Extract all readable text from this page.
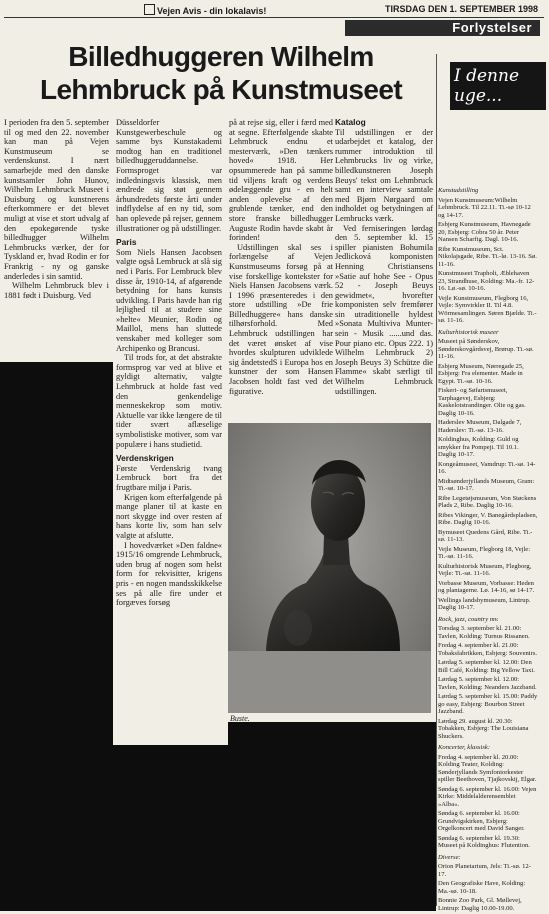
Vejen Avis - din lokalavis!	TIRSDAG DEN 1. SEPTEMBER 1998
Forlystelser
Billedhuggeren Wilhelm Lehmbruck på Kunstmuseet

I perioden fra den 5. september til og med den 22. november kan man på Vejen Kunstmuseum se verdenskunst. I nært samarbejde med den danske kunstsamler John Hunov, Wilhelm Lehmbruck Museet i Duisburg og kunstnerens efterkommere er det blevet muligt at vise et stort udvalg af den epokegørende tyske billedhugger Wilhelm Lehmbrucks værker, der for Tyskland er, hvad Rodin er for Frankrig - ny og ganske anderledes i sin samtid.

Wilhelm Lehmbruck blev i 1881 født i Duisburg. Ved

Düsseldorfer Kunstgewerbeschule og samme bys Kunstakademi modtog han en traditionel billedhuggeruddannelse. Formsproget var indledningsvis klassisk, men ændrede sig støt gennem århundredets første årti under indflydelse af en ny tid, som han oplevede på rejser, gennem illustrationer og på udstillinger.

Paris

Som Niels Hansen Jacobsen valgte også Lembruck at slå sig ned i Paris. For Lembruck blev disse år, 1910-14, af afgørende betydning for hans kunsts udvikling. I Paris havde han rig lejlighed til at studere sine »helte« Meunier, Rodin og Maillol, mens han sluttede venskaber med kolleger som Archipenko og Brancusi.

Til trods for, at det abstrakte formsprog var ved at blive et gyldigt alternativ, valgte Lehmbruck at holde fast ved den genkendelige menneskekrop som motiv. Aktuelle var ikke længere de til tider svært aflæselige symbolistiske motiver, som var populære i hans studietid.

Verdenskrigen

Første Verdenskrig tvang Lembruck bort fra det frugtbare miljø i Paris.

Krigen kom efterfølgende på mange planer til at kaste en nort skygge ind over resten af hans korte liv, som han selv valgte at afslutte.

I hovedværket »Den faldne« 1915/16 omgrende Lehmbruck, uden brug af nogen som helst form for rekvisitter, krigens pris - en nogen mandsskikkelse ses på alle fire under et forgæves forsøg

på at rejse sig, eller i færd med at segne. Efterfølgende skabte Lehmbruck endnu et mesterværk, »Den tænkers hoved« 1918. Her opsummerede han på samme tid viljens kraft og verdens ødelæggende gru - en helt anden oplevelse af den grublende tænker, end den store franske billedhugger Auguste Rodin havde skabt år forinden!

Udstillingen skal ses i forlængelse af Vejen Kunstmuseums forsøg på at vise forskellige kontekster for Niels Hansen Jacobsens værk. I 1996 præsenteredes i den store udstilling »De frie Billedhuggere« hans danske tilhørsforhold. Med Lehmbruck udstillingen har det været ønsket af vise hvordes skulpturen udviklede sig åndetstedS i Europa hos en kunstner der som Hansen Jacobsen holdt fast ved det figurative.

Katalog

Til udstillingen er der udarbejdet et katalog, der rummer introduktion til Lehmbrucks liv og virke, billedkunstneren Joseph Beuys' tekst om Lehmbruck samt en interview samtale med Bjørn Nørgaard om indholdet og betydningen af Lembrucks værk.

Ved ferniseringen lørdag den 5. september kl. 15 spiller pianisten Bohumila Jedlicková komponisten Henning Christiansens »Satie auf hohe See - Opus 52 - Joseph Beuys gewidmet«, hvorefter komponisten selv fremfører sin utraditionelle hyldest »Sonata Multiviva Munter-sein - Musik ......und das. Pour piano etc. Opus 222. 1) Wilhelm Lehmbruck 2) Joseph Beuys 3) Schütze die Flamme« skabt særligt til Wilhelm Lehmbruck udstillingen.

Buste.
I denne uge...

Kunstudstilling

Vejen Kunstmuseum:Wilhelm Lehmbruck. Til 22.11. Ti.-sø 10-12 og 14-17.

Esbjerg Kunstmuseum, Havnegade 20, Esbjerg: Cobra 50 år. Peter Nansen Scharfig. Dagl. 10-16.

Ribe Kunstmuseum, Sct. Nikolajsgade, Ribe. Ti.-lø. 13-16. Sø. 11-16.

Kunstmuseet Trapholt, Æblehaven 23, Strandhuse, Kolding: Ma.-fr. 12-16. Lø.-sø. 10-16.

Vejle Kunstmuseum, Flegborg 16, Vejle: Symvirkler II. Til 4.8. Wörmesamlingen. Søren Bjælde. Ti.-sø. 11-16.

Kulturhistorisk museer

Museet på Sønderskov, Sønderskovgårdsvej, Brørup. Ti.-sø. 11-16.

Esbjerg Museum, Nørregade 25, Esbjerg: Fra elementer. Made in Egypt. Ti.-sø. 10-16.

Fiskeri- og Søfartsmuseet, Tarphagevej, Esbjerg: Kaskelotstrandinger. Olie og gas. Daglig 10-16.

Haderslev Museum, Dalgade 7, Haderslev: Ti.-sø. 13-16.

Koldinghus, Kolding: Guld og smykker fra Pompeji. Til 10.1. Daglig 10-17.

Kongeåmuseet, Vamdrup: Ti.-sø. 14-16.

Midtsønderjyllands Museum, Gram: Ti.-sø. 10-17.

Ribe Legetøjsmuseum, Von Støckens Plads 2, Ribe. Daglig 10-16.

Ribes Vikinger, V. Banegårdspladsen, Ribe. Daglig 10-16.

Bymuseet Quedens Gård, Ribe. Ti.-sø. 11-13.

Vejle Museum, Flegborg 18, Vejle: Ti.-sø. 11-16.

Kulturhistorisk Museum, Flegborg, Vejle: Ti.-sø. 11-16.

Vorbasse Museum, Vorbasse: Heden og plantagerne. Lø. 14-16, sø 14-17.

Wellings landsbymuseum, Lintrup. Daglig 10-17.

Rock, jazz, country mv.

Torsdag 3. september kl. 21.00: Tavlen, Kolding: Turnus Rissanen.

Fredag 4. september kl. 21.00: Tobaksfabrikken, Esbjerg: Souvenirs.

Lørdag 5. september kl. 12.00: Den Bill Café, Kolding: Big Yellow Taxi.

Lørdag 5. september kl. 12.00: Tavlen, Kolding: Neanders Jazzband.

Lørdag 5. september kl. 15.00: Paddy go easy, Esbjerg: Bourbon Street Jazzband.

Lørdag 29. august kl. 20.30: Tobakken, Esbjerg: The Louisiana Shuckers.

Koncerter, klassisk:

Fredag 4. september kl. 20.00: Kolding Teater, Kolding: Sønderjyllands Symfoniorkester spiller Beethoven, Tjajkovskij, Elgar.

Søndag 6. september kl. 16.00: Vejen Kirke: Middelalderensemblet »Alba«.

Søndag 6. september kl. 16.00: Grundvigskirken, Esbjerg: Orgelkoncert med David Sanger.

Søndag 6. september kl. 19.30: Museet på Koldinghus: Flutention.

Diverse:

Orion Planetarium, Jels: Ti.-sø. 12-17.

Den Geografiske Have, Kolding: Ma.-sø. 10-18.

Bonnie Zoo Park, Gl. Møllevej, Lintrup: Daglig 10.00-19.00.
